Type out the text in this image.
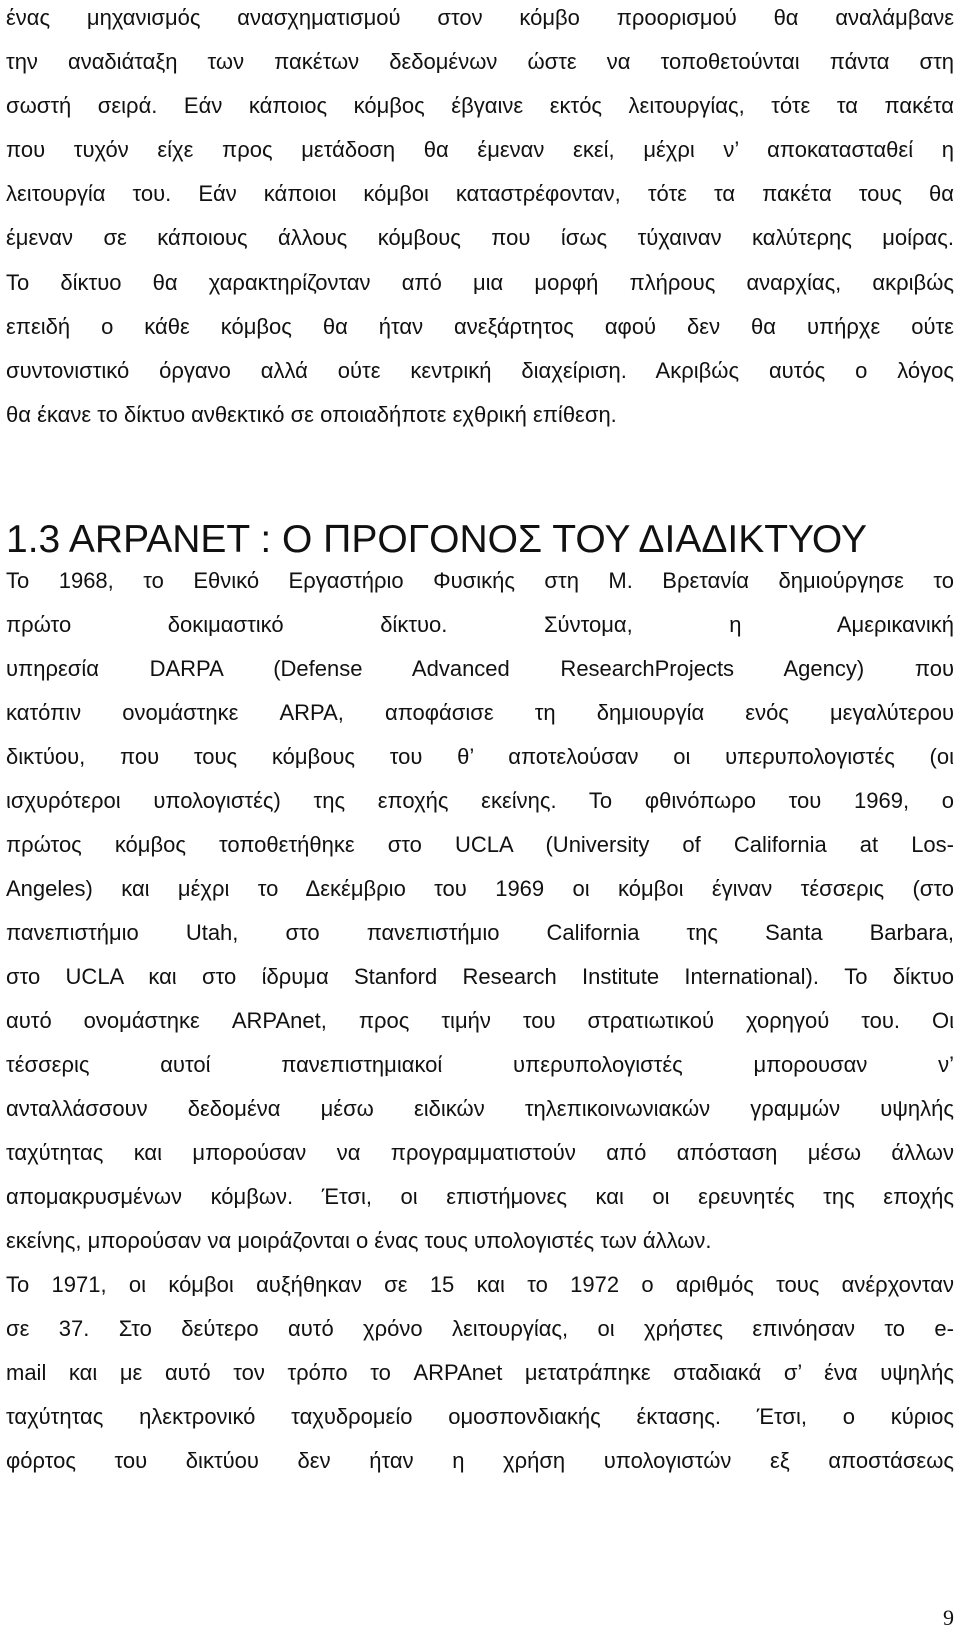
ένας μηχανισμός ανασχηματισμού στον κόμβο προορισμού θα αναλάμβανε
την αναδιάταξη των πακέτων δεδομένων ώστε να τοποθετούνται πάντα στη
σωστή σειρά. Εάν κάποιος κόμβος έβγαινε εκτός λειτουργίας, τότε τα πακέτα
που τυχόν είχε προς μετάδοση θα έμεναν εκεί, μέχρι ν’ αποκατασταθεί η
λειτουργία του. Εάν κάποιοι κόμβοι καταστρέφονταν, τότε τα πακέτα τους θα
έμεναν σε κάποιους άλλους κόμβους που ίσως τύχαιναν καλύτερης μοίρας.
Το δίκτυο θα χαρακτηρίζονταν από μια μορφή πλήρους αναρχίας, ακριβώς
επειδή ο κάθε κόμβος θα ήταν ανεξάρτητος αφού δεν θα υπήρχε ούτε
συντονιστικό όργανο αλλά ούτε κεντρική διαχείριση. Ακριβώς αυτός ο λόγος
θα έκανε το δίκτυο ανθεκτικό σε οποιαδήποτε εχθρική επίθεση.
1.3 ARPANET : Ο ΠΡΟΓΟΝΟΣ ΤΟΥ ΔΙΑΔΙΚΤΥΟΥ
Το 1968, το Εθνικό Εργαστήριο Φυσικής στη Μ. Βρετανία δημιούργησε το
πρώτο δοκιμαστικό δίκτυο. Σύντομα, η Αμερικανική
υπηρεσία DARPA (Defense Advanced ResearchProjects Agency) που
κατόπιν ονομάστηκε ARPA, αποφάσισε τη δημιουργία ενός μεγαλύτερου
δικτύου, που τους κόμβους του θ’ αποτελούσαν οι υπερυπολογιστές (οι
ισχυρότεροι υπολογιστές) της εποχής εκείνης. Το φθινόπωρο του 1969, ο
πρώτος κόμβος τοποθετήθηκε στο UCLA (University of California at Los-
Angeles) και μέχρι το Δεκέμβριο του 1969 οι κόμβοι έγιναν τέσσερις (στο
πανεπιστήμιο Utah, στο πανεπιστήμιο California της Santa Barbara,
στο UCLA και στο ίδρυμα Stanford Research Institute International). Το δίκτυο
αυτό ονομάστηκε ARPAnet, προς τιμήν του στρατιωτικού χορηγού του. Οι
τέσσερις αυτοί πανεπιστημιακοί υπερυπολογιστές μπορουσαν ν’
ανταλλάσσουν δεδομένα μέσω ειδικών τηλεπικοινωνιακών γραμμών υψηλής
ταχύτητας και μπορούσαν να προγραμματιστούν από απόσταση μέσω άλλων
απομακρυσμένων κόμβων. Έτσι, οι επιστήμονες και οι ερευνητές της εποχής
εκείνης, μπορούσαν να μοιράζονται ο ένας τους υπολογιστές των άλλων.
Το 1971, οι κόμβοι αυξήθηκαν σε 15 και το 1972 ο αριθμός τους ανέρχονταν
σε 37. Στο δεύτερο αυτό χρόνο λειτουργίας, οι χρήστες επινόησαν το e-
mail και με αυτό τον τρόπο το ARPAnet μετατράπηκε σταδιακά σ’ ένα υψηλής
ταχύτητας ηλεκτρονικό ταχυδρομείο ομοσπονδιακής έκτασης. Έτσι, ο κύριος
φόρτος του δικτύου δεν ήταν η χρήση υπολογιστών εξ αποστάσεως
9
